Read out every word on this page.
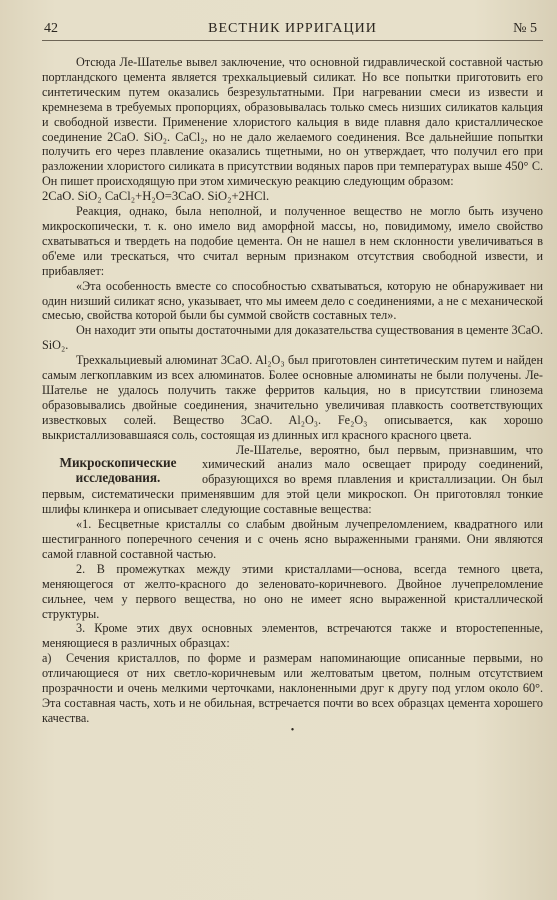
42	ВЕСТНИК ИРРИГАЦИИ	№ 5

Отсюда Ле-Шателье вывел заключение, что основной гидравлической составной частью портландского цемента является трехкальциевый силикат. Но все попытки приготовить его синтетическим путем оказались безрезультатными. При нагревании смеси из извести и кремнезема в требуемых пропорциях, образовывалась только смесь низших силикатов кальция и свободной извести. Применение хлористого кальция в виде плавня дало кристаллическое соединение 2CaO. SiO₂. CaCl₂, но не дало желаемого соединения. Все дальнейшие попытки получить его через плавление оказались тщетными, но он утверждает, что получил его при разложении хлористого силиката в присутствии водяных паров при температурах выше 450° C. Он пишет происходящую при этом химическую реакцию следующим образом:

2CaO. SiO₂ CaCl₂+H₂O=3CaO. SiO₂+2HCl.

Реакция, однако, была неполной, и полученное вещество не могло быть изучено микроскопически, т. к. оно имело вид аморфной массы, но, повидимому, имело свойство схватываться и твердеть на подобие цемента. Он не нашел в нем склонности увеличиваться в об'еме или трескаться, что считал верным признаком отсутствия свободной извести, и прибавляет:

«Эта особенность вместе со способностью схватываться, которую не обнаруживает ни один низший силикат ясно, указывает, что мы имеем дело с соединениями, а не с механической смесью, свойства которой были бы суммой свойств составных тел».

Он находит эти опыты достаточными для доказательства существования в цементе 3CaO. SiO₂.

Трехкальциевый алюминат 3CaO. Al₂O₃ был приготовлен синтетическим путем и найден самым легкоплавким из всех алюминатов. Более основные алюминаты не были получены. Ле-Шателье не удалось получить также ферритов кальция, но в присутствии глинозема образовывались двойные соединения, значительно увеличивая плавкость соответствующих известковых солей. Вещество 3CaO. Al₂O₃. Fe₂O₃ описывается, как хорошо выкристаллизовавшаяся соль, состоящая из длинных игл красного красного цвета.

Микроскопические исследования.

Ле-Шателье, вероятно, был первым, признавшим, что химический анализ мало освещает природу соединений, образующихся во время плавления и кристаллизации. Он был первым, систематически применявшим для этой цели микроскоп. Он приготовлял тонкие шлифы клинкера и описывает следующие составные вещества:

«1. Бесцветные кристаллы со слабым двойным лучепреломлением, квадратного или шестигранного поперечного сечения и с очень ясно выраженными гранями. Они являются самой главной составной частью.

2. В промежутках между этими кристаллами—основа, всегда темного цвета, меняющегося от желто-красного до зеленовато-коричневого. Двойное лучепреломление сильнее, чем у первого вещества, но оно не имеет ясно выраженной кристаллической структуры.

3. Кроме этих двух основных элементов, встречаются также и второстепенные, меняющиеся в различных образцах:

а) Сечения кристаллов, по форме и размерам напоминающие описанные первыми, но отличающиеся от них светло-коричневым или желтоватым цветом, полным отсутствием прозрачности и очень мелкими черточками, наклоненными друг к другу под углом около 60°. Эта составная часть, хоть и не обильная, встречается почти во всех образцах цемента хорошего качества.

•
